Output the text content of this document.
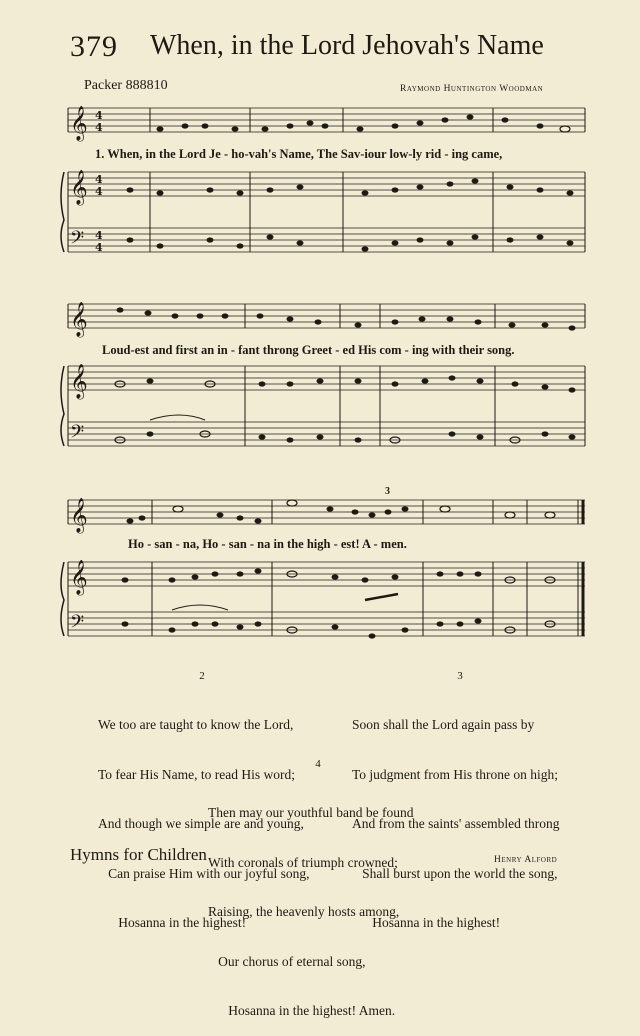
379 When, in the Lord Jehovah's Name
Packer 888810	Raymond Huntington Woodman
𝄞
𝄞
𝄢
4
4
4
4
4
4
1. When, in the Lord Je - ho-vah's Name, The Sav-iour low-ly rid - ing came,
𝄞
𝄞
𝄢
Loud-est and first an in - fant throng Greet - ed His com - ing with their song.
𝄞
𝄞
𝄢
3
Ho - san - na, Ho - san - na in the high - est! A - men.
2

We too are taught to know the Lord,

To fear His Name, to read His word;

And though we simple are and young,

Can praise Him with our joyful song,

Hosanna in the highest!

3

Soon shall the Lord again pass by

To judgment from His throne on high;

And from the saints' assembled throng

Shall burst upon the world the song,

Hosanna in the highest!

4

Then may our youthful band be found

With coronals of triumph crowned;

Raising, the heavenly hosts among,

Our chorus of eternal song,

Hosanna in the highest! Amen.

Henry Alford
Hymns for Children
